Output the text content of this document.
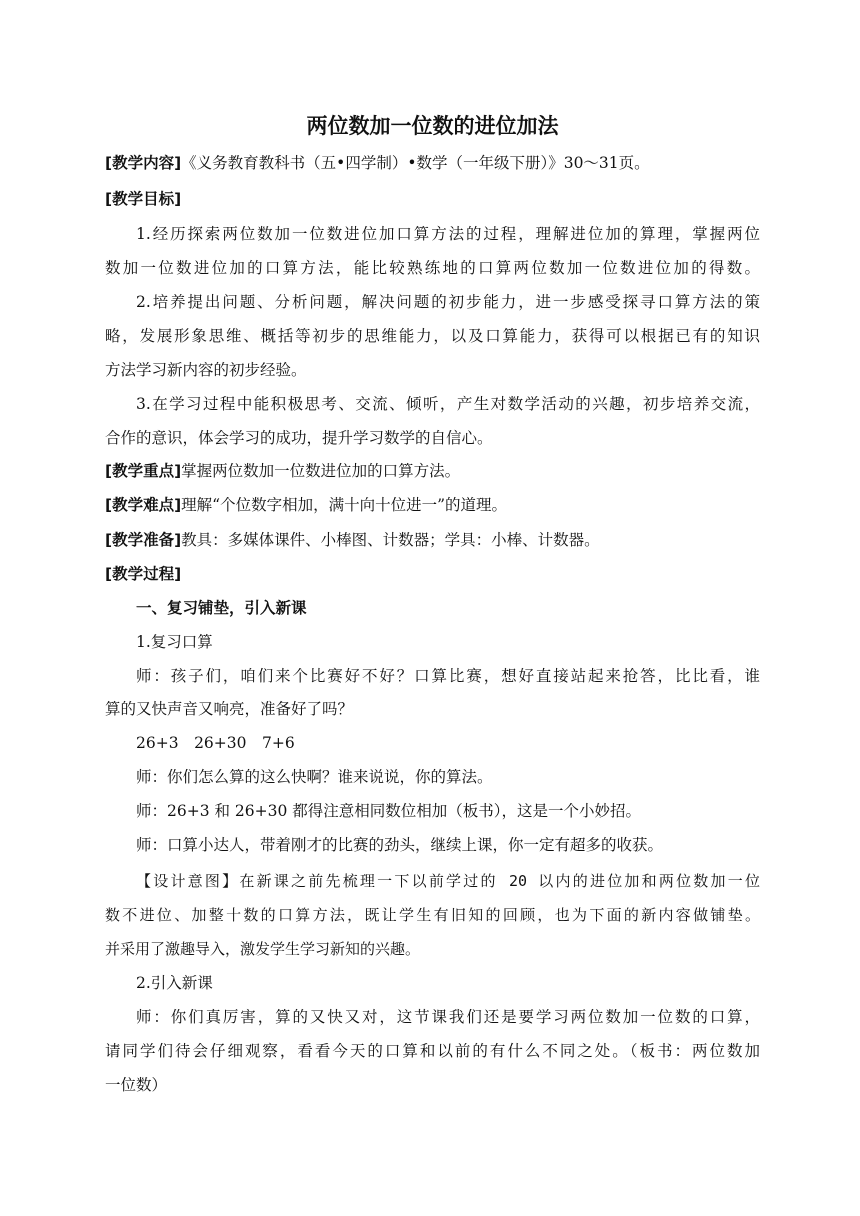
两位数加一位数的进位加法
[教学内容]《义务教育教科书（五•四学制）•数学（一年级下册）》30～31页。
[教学目标]
1.经历探索两位数加一位数进位加口算方法的过程，理解进位加的算理，掌握两位
数加一位数进位加的口算方法，能比较熟练地的口算两位数加一位数进位加的得数。
2.培养提出问题、分析问题，解决问题的初步能力，进一步感受探寻口算方法的策
略，发展形象思维、概括等初步的思维能力，以及口算能力，获得可以根据已有的知识
方法学习新内容的初步经验。
3.在学习过程中能积极思考、交流、倾听，产生对数学活动的兴趣，初步培养交流，
合作的意识，体会学习的成功，提升学习数学的自信心。
[教学重点]掌握两位数加一位数进位加的口算方法。
[教学难点]理解“个位数字相加，满十向十位进一”的道理。
[教学准备]教具：多媒体课件、小棒图、计数器；学具：小棒、计数器。
[教学过程]
一、复习铺垫，引入新课
1.复习口算
师：孩子们，咱们来个比赛好不好？口算比赛，想好直接站起来抢答，比比看，谁
算的又快声音又响亮，准备好了吗？
26+3　26+30　7+6
师：你们怎么算的这么快啊？谁来说说，你的算法。
师：26+3 和 26+30 都得注意相同数位相加（板书），这是一个小妙招。
师：口算小达人，带着刚才的比赛的劲头，继续上课，你一定有超多的收获。
【设计意图】在新课之前先梳理一下以前学过的 20 以内的进位加和两位数加一位
数不进位、加整十数的口算方法，既让学生有旧知的回顾，也为下面的新内容做铺垫。
并采用了激趣导入，激发学生学习新知的兴趣。
2.引入新课
师：你们真厉害，算的又快又对，这节课我们还是要学习两位数加一位数的口算，
请同学们待会仔细观察，看看今天的口算和以前的有什么不同之处。（板书：两位数加
一位数）
